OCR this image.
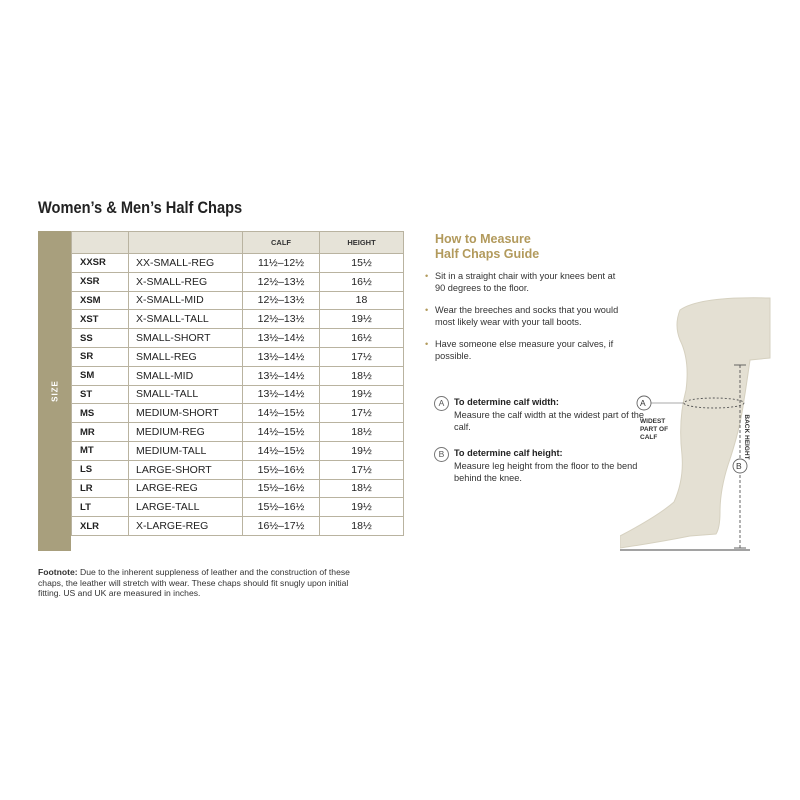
Women’s & Men’s Half Chaps
SIZE
		CALF	HEIGHT
XXSR	XX-SMALL-REG	11½–12½	15½
XSR	X-SMALL-REG	12½–13½	16½
XSM	X-SMALL-MID	12½–13½	18
XST	X-SMALL-TALL	12½–13½	19½
SS	SMALL-SHORT	13½–14½	16½
SR	SMALL-REG	13½–14½	17½
SM	SMALL-MID	13½–14½	18½
ST	SMALL-TALL	13½–14½	19½
MS	MEDIUM-SHORT	14½–15½	17½
MR	MEDIUM-REG	14½–15½	18½
MT	MEDIUM-TALL	14½–15½	19½
LS	LARGE-SHORT	15½–16½	17½
LR	LARGE-REG	15½–16½	18½
LT	LARGE-TALL	15½–16½	19½
XLR	X-LARGE-REG	16½–17½	18½

Footnote: Due to the inherent suppleness of leather and the construction of these chaps, the leather will stretch with wear. These chaps should fit snugly upon initial fitting. US and UK are measured in inches.

How to Measure
Half Chaps Guide
• Sit in a straight chair with your knees bent at 90 degrees to the floor.
• Wear the breeches and socks that you would most likely wear with your tall boots.
• Have someone else measure your calves, if possible.
A	To determine calf width:
Measure the calf width at the widest part of the calf.
B	To determine calf height:
Measure leg height from the floor to the bend behind the knee.
A
B
WIDEST
PART OF
CALF	BACK HEIGHT
